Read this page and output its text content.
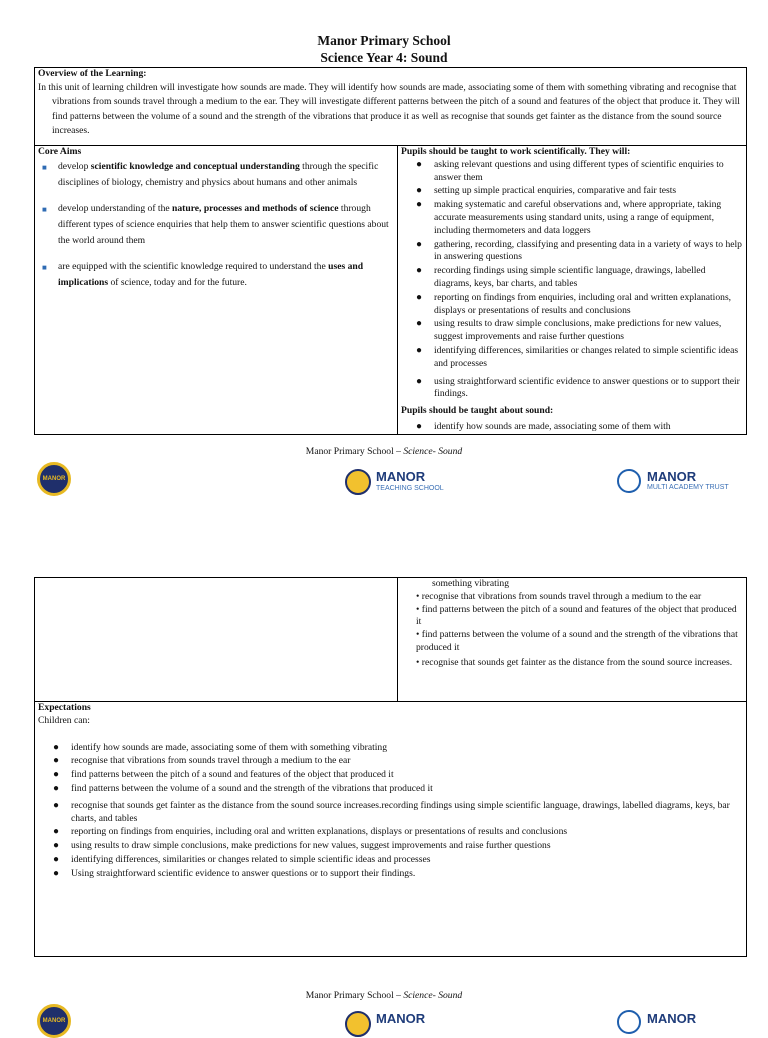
Manor Primary School
Science Year 4: Sound
Overview of the Learning:
In this unit of learning children will investigate how sounds are made. They will identify how sounds are made, associating some of them with something vibrating and recognise that vibrations from sounds travel through a medium to the ear. They will investigate different patterns between the pitch of a sound and features of the object that produce it. They will find patterns between the volume of a sound and the strength of the vibrations that produce it as well as recognise that sounds get fainter as the distance from the sound source increases.
Core Aims
■ develop scientific knowledge and conceptual understanding through the specific disciplines of biology, chemistry and physics about humans and other animals
■ develop understanding of the nature, processes and methods of science through different types of science enquiries that help them to answer scientific questions about the world around them
■ are equipped with the scientific knowledge required to understand the uses and implications of science, today and for the future.
Pupils should be taught to work scientifically. They will:
● asking relevant questions and using different types of scientific enquiries to answer them
● setting up simple practical enquiries, comparative and fair tests
● making systematic and careful observations and, where appropriate, taking accurate measurements using standard units, using a range of equipment, including thermometers and data loggers
● gathering, recording, classifying and presenting data in a variety of ways to help in answering questions
● recording findings using simple scientific language, drawings, labelled diagrams, keys, bar charts, and tables
● reporting on findings from enquiries, including oral and written explanations, displays or presentations of results and conclusions
● using results to draw simple conclusions, make predictions for new values, suggest improvements and raise further questions
● identifying differences, similarities or changes related to simple scientific ideas and processes
● using straightforward scientific evidence to answer questions or to support their findings.
Pupils should be taught about sound:
● identify how sounds are made, associating some of them with
Manor Primary School – Science- Sound
MANOR	MANOR
TEACHING SCHOOL
MANOR
MULTI ACADEMY TRUST
something vibrating
• recognise that vibrations from sounds travel through a medium to the ear
• find patterns between the pitch of a sound and features of the object that produced it
• find patterns between the volume of a sound and the strength of the vibrations that produced it
• recognise that sounds get fainter as the distance from the sound source increases.
Expectations
Children can:
● identify how sounds are made, associating some of them with something vibrating
● recognise that vibrations from sounds travel through a medium to the ear
● find patterns between the pitch of a sound and features of the object that produced it
● find patterns between the volume of a sound and the strength of the vibrations that produced it
● recognise that sounds get fainter as the distance from the sound source increases.recording findings using simple scientific language, drawings, labelled diagrams, keys, bar charts, and tables
● reporting on findings from enquiries, including oral and written explanations, displays or presentations of results and conclusions
● using results to draw simple conclusions, make predictions for new values, suggest improvements and raise further questions
● identifying differences, similarities or changes related to simple scientific ideas and processes
● Using straightforward scientific evidence to answer questions or to support their findings.
Manor Primary School – Science- Sound
MANOR	MANOR	MANOR
